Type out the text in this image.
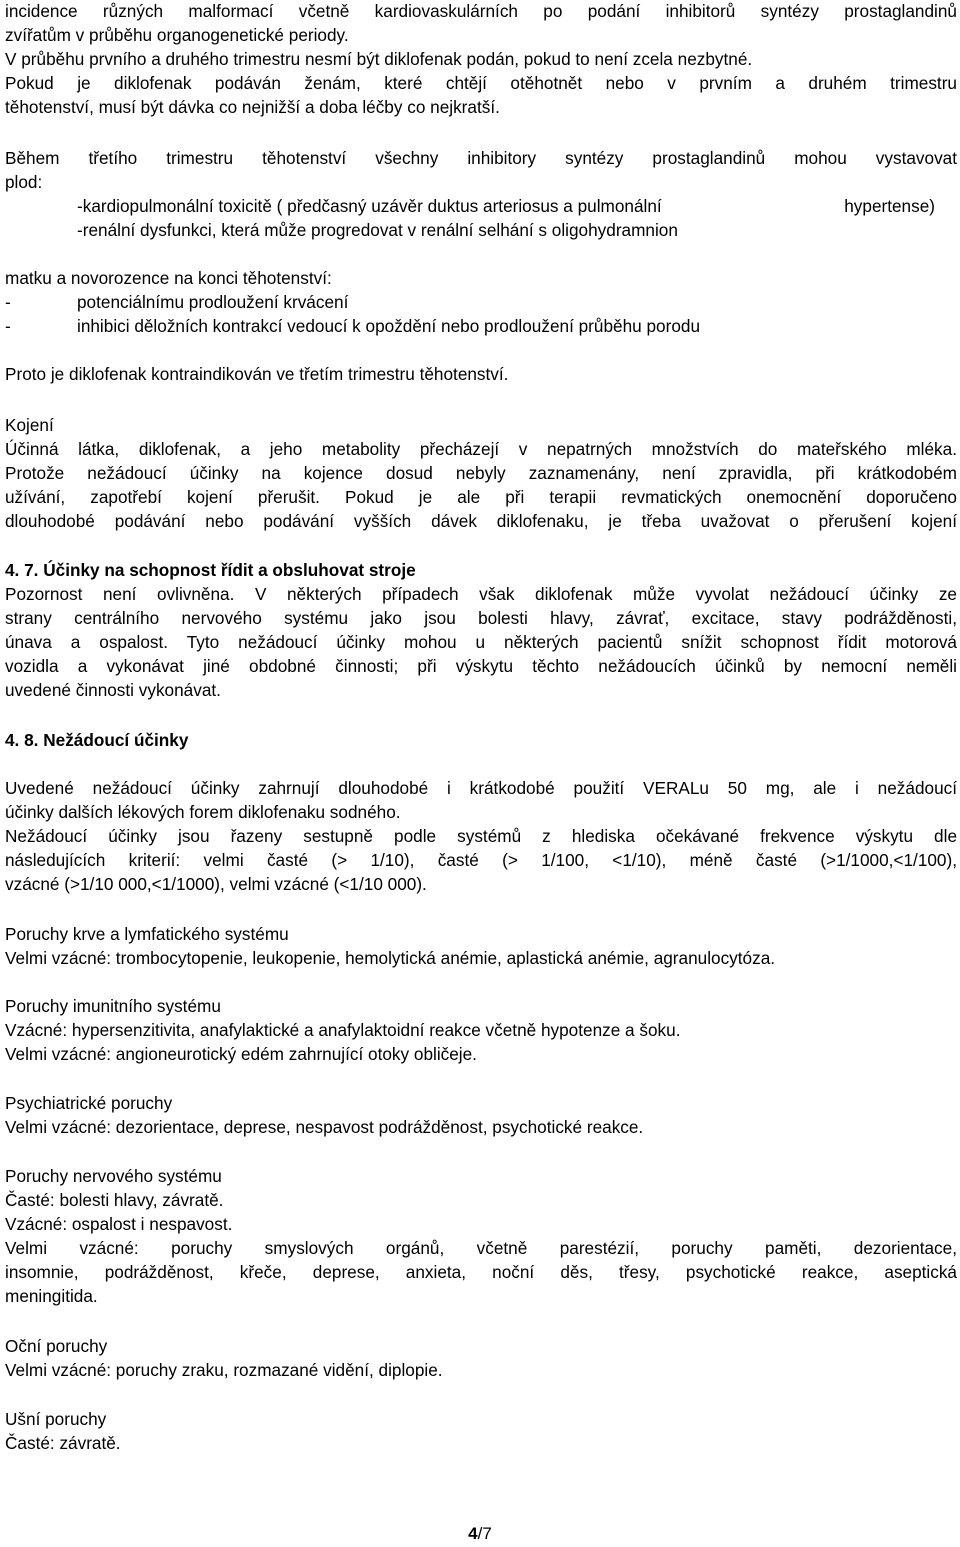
incidence různých malformací včetně kardiovaskulárních po podání inhibitorů syntézy prostaglandinů

zvířatům v průběhu organogenetické periody.

V průběhu prvního a druhého trimestru nesmí být diklofenak podán, pokud to není zcela nezbytné.

Pokud je diklofenak podáván ženám, které chtějí otěhotnět nebo v prvním a druhém trimestru

těhotenství, musí být dávka co nejnižší a doba léčby co nejkratší.

Během třetího trimestru těhotenství všechny inhibitory syntézy prostaglandinů mohou vystavovat

plod:

-kardiopulmonální toxicitě ( předčasný uzávěr duktus arteriosus a pulmonální	hypertense)

-renální dysfunkci, která může progredovat v renální selhání s oligohydramnion

matku a novorozence na konci těhotenství:

-	potenciálnímu prodloužení krvácení
-	inhibici děložních kontrakcí vedoucí k opoždění nebo prodloužení průběhu porodu

Proto je diklofenak kontraindikován ve třetím trimestru těhotenství.

Kojení

Účinná látka, diklofenak, a jeho metabolity přecházejí v nepatrných množstvích do mateřského mléka.

Protože nežádoucí účinky na kojence dosud nebyly zaznamenány, není zpravidla, při krátkodobém

užívání, zapotřebí kojení přerušit. Pokud je ale při terapii revmatických onemocnění doporučeno

dlouhodobé podávání nebo podávání vyšších dávek diklofenaku, je třeba uvažovat o přerušení kojení

4. 7. Účinky na schopnost řídit a obsluhovat stroje

Pozornost není ovlivněna. V některých případech však diklofenak může vyvolat nežádoucí účinky ze

strany centrálního nervového systému jako jsou bolesti hlavy, závrať, excitace, stavy podrážděnosti,

únava a ospalost. Tyto nežádoucí účinky mohou u některých pacientů snížit schopnost řídit motorová

vozidla a vykonávat jiné obdobné činnosti; při výskytu těchto nežádoucích účinků by nemocní neměli

uvedené činnosti vykonávat.

4. 8. Nežádoucí účinky

Uvedené nežádoucí účinky zahrnují dlouhodobé i krátkodobé použití VERALu 50 mg, ale i nežádoucí

účinky dalších lékových forem diklofenaku sodného.

Nežádoucí účinky jsou řazeny sestupně podle systémů z hlediska očekávané frekvence výskytu dle

následujících kriterií: velmi časté (> 1/10), časté (> 1/100, <1/10), méně časté (>1/1000,<1/100),

vzácné (>1/10 000,<1/1000), velmi vzácné (<1/10 000).

Poruchy krve a lymfatického systému

Velmi vzácné: trombocytopenie, leukopenie, hemolytická anémie, aplastická anémie, agranulocytóza.

Poruchy imunitního systému

Vzácné: hypersenzitivita, anafylaktické a anafylaktoidní reakce včetně hypotenze a šoku.

Velmi vzácné: angioneurotický edém zahrnující otoky obličeje.

Psychiatrické poruchy

Velmi vzácné: dezorientace, deprese, nespavost podrážděnost, psychotické reakce.

Poruchy nervového systému

Časté: bolesti hlavy, závratě.

Vzácné: ospalost i nespavost.

Velmi vzácné: poruchy smyslových orgánů, včetně parestézií, poruchy paměti, dezorientace,

insomnie, podrážděnost, křeče, deprese, anxieta, noční děs, třesy, psychotické reakce, aseptická

meningitida.

Oční poruchy

Velmi vzácné: poruchy zraku, rozmazané vidění, diplopie.

Ušní poruchy

Časté: závratě.

4/7
